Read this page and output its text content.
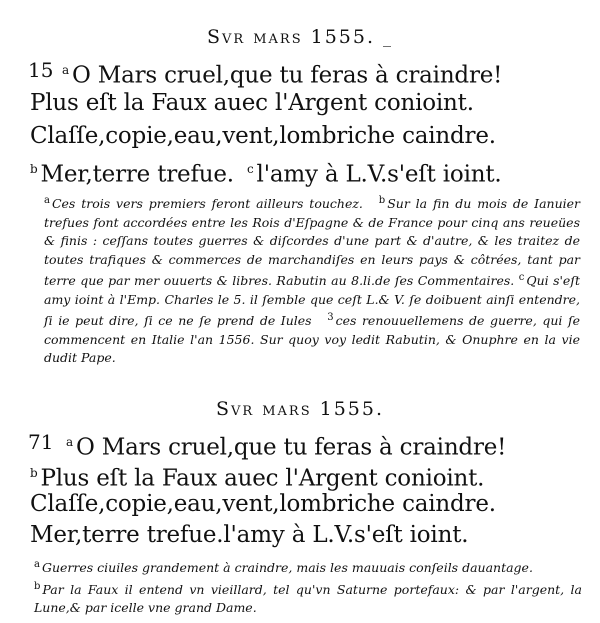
Svr mars 1555. _
15 $^a$ O Mars cruel,que tu feras à craindre!
Plus eſt la Faux auec l'Argent conioint.
Claſſe,copie,eau,vent,lombriche caindre.
$^b$ Mer,terre trefue. $^c$ l'amy à L.V.s'eſt ioint.
$^a$ Ces trois vers premiers feront ailleurs touchez. $^b$ Sur la fin du mois de Ianuier trefues font accordées entre les Rois d'Eſpagne & de France pour cinq ans reueües & finis : ceſſans toutes guerres & diſcordes d'une part & d'autre, & les traitez de toutes trafiques & commerces de marchandiſes en leurs pays & côtrées, tant par terre que par mer ouuerts & libres. Rabutin au 8.li.de ſes Commentaires. $^c$ Qui s'eſt amy ioint à l'Emp. Charles le 5. il ſemble que ceſt L.& V. ſe doibuent ainſi entendre, ſi ie peut dire, ſi ce ne ſe prend de Iules $^3$ ces renouuellemens de guerre, qui ſe commencent en Italie l'an 1556. Sur quoy voy ledit Rabutin, & Onuphre en la vie dudit Pape.
Svr mars 1555.
71 $^a$ O Mars cruel,que tu feras à craindre!
$^b$ Plus eſt la Faux auec l'Argent conioint.
Claſſe,copie,eau,vent,lombriche caindre.
Mer,terre trefue.l'amy à L.V.s'eſt ioint.
$^a$ Guerres ciuiles grandement à craindre, mais les mauuais conſeils dauantage.
$^b$ Par la Faux il entend vn vieillard, tel qu'vn Saturne portefaux: & par l'argent, la Lune,& par icelle vne grand Dame.
